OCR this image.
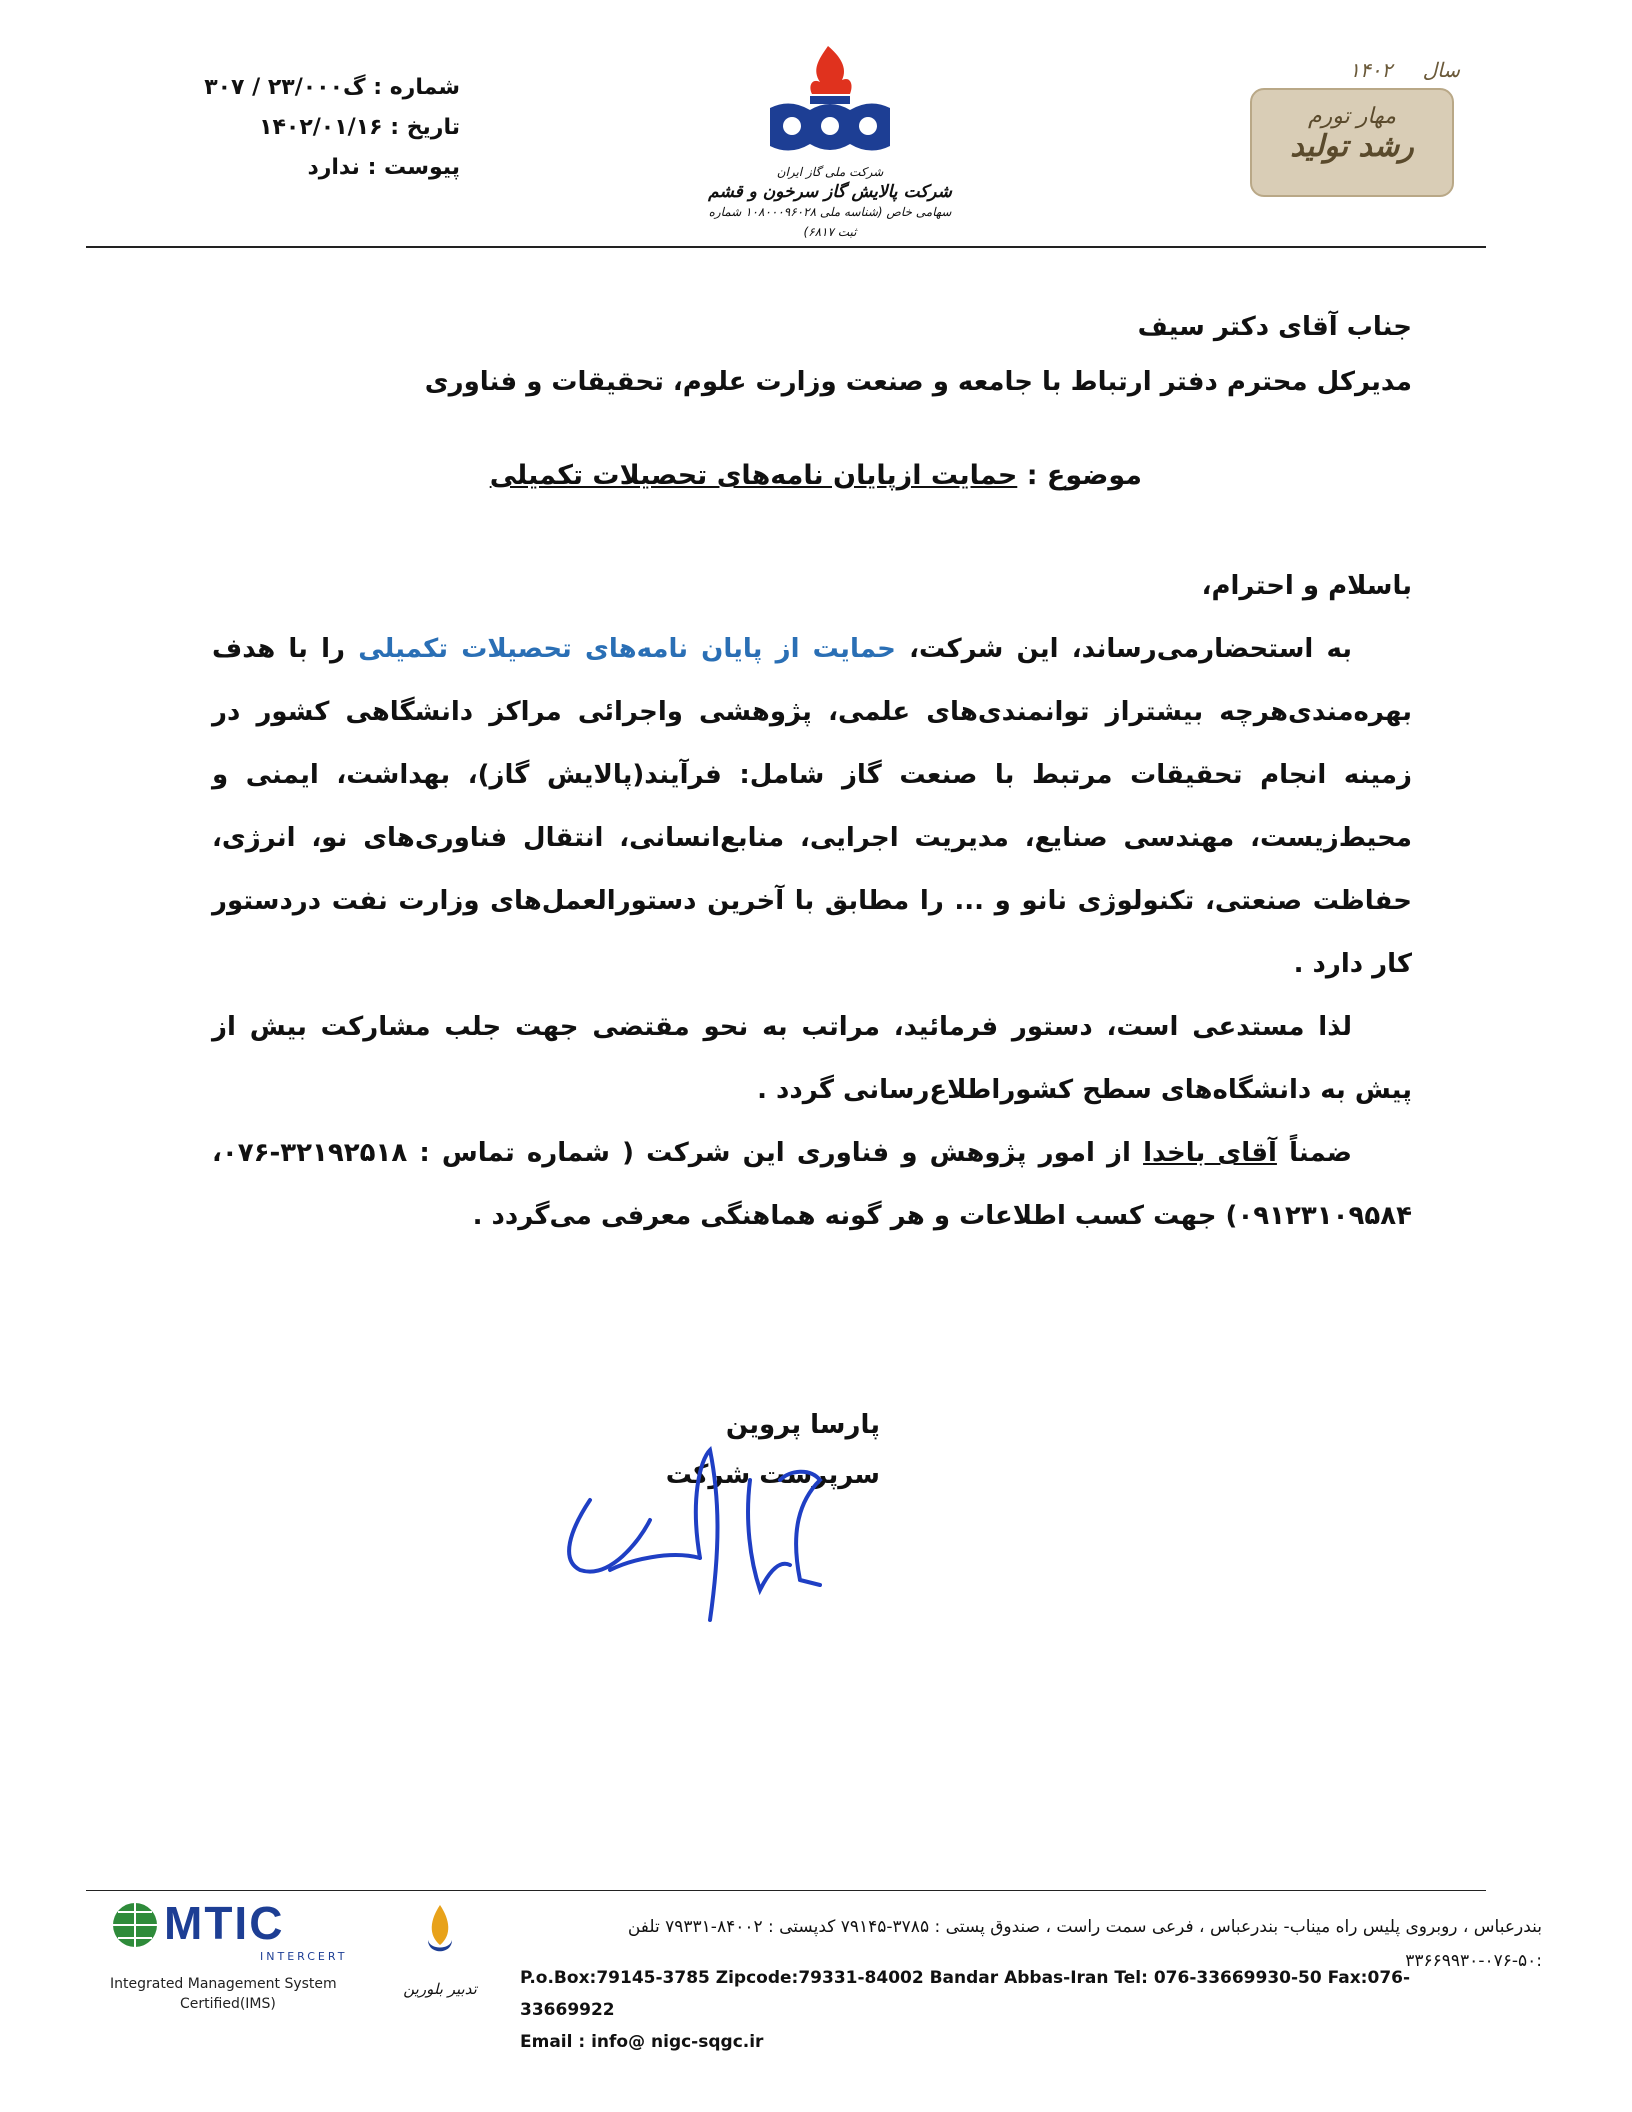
شماره : گ۲۳/۰۰۰ / ۳۰۷
تاریخ : ۱۴۰۲/۰۱/۱۶
پیوست : ندارد	شرکت ملی گاز ایران
شرکت پالایش گاز سرخون و قشم
سهامی خاص (شناسه ملی ۱۰۸۰۰۰۹۶۰۲۸ شماره ثبت ۶۸۱۷)
سال ۱۴۰۲
مهار تورم
رشد تولید
جناب آقای دکتر سیف
مدیرکل محترم دفتر ارتباط با جامعه و صنعت وزارت علوم، تحقیقات و فناوری
موضوع : حمایت ازپایان نامه‌های تحصیلات تکمیلی

باسلام و احترام،

به استحضارمی‌رساند، این شرکت، حمایت از پایان نامه‌های تحصیلات تکمیلی را با هدف بهره‌مندی‌هرچه بیشتراز توانمندی‌های علمی، پژوهشی واجرائی مراکز دانشگاهی کشور در زمینه انجام تحقیقات مرتبط با صنعت گاز شامل: فرآیند(پالایش گاز)، بهداشت، ایمنی و محیط‌زیست، مهندسی صنایع، مدیریت اجرایی، منابع‌انسانی، انتقال فناوری‌های نو، انرژی، حفاظت صنعتی، تکنولوژی نانو و ... را مطابق با آخرین دستورالعمل‌های وزارت نفت دردستور کار دارد .

لذا مستدعی است، دستور فرمائید، مراتب به نحو مقتضی جهت جلب مشارکت بیش از پیش به دانشگاه‌های سطح کشوراطلاع‌رسانی گردد .

ضمناً آقای باخدا از امور پژوهش و فناوری این شرکت ( شماره تماس : ۳۲۱۹۲۵۱۸-۰۷۶، ۰۹۱۲۳۱۰۹۵۸۴) جهت کسب اطلاعات و هر گونه هماهنگی معرفی می‌گردد .

پارسا پروین
سرپرست شرکت
بندرعباس ، روبروی پلیس راه میناب- بندرعباس ، فرعی سمت راست ، صندوق پستی : ۳۷۸۵-۷۹۱۴۵ کدپستی : ۸۴۰۰۲-۷۹۳۳۱ تلفن :۵۰-۰۷۶-۳۳۶۶۹۹۳۰
P.o.Box:79145-3785 Zipcode:79331-84002 Bandar Abbas-Iran Tel: 076-33669930-50 Fax:076-33669922
Email : info@ nigc-sqgc.ir
MTIC
INTERCERT
Integrated Management System
Certified(IMS)
تدبیر بلورین
